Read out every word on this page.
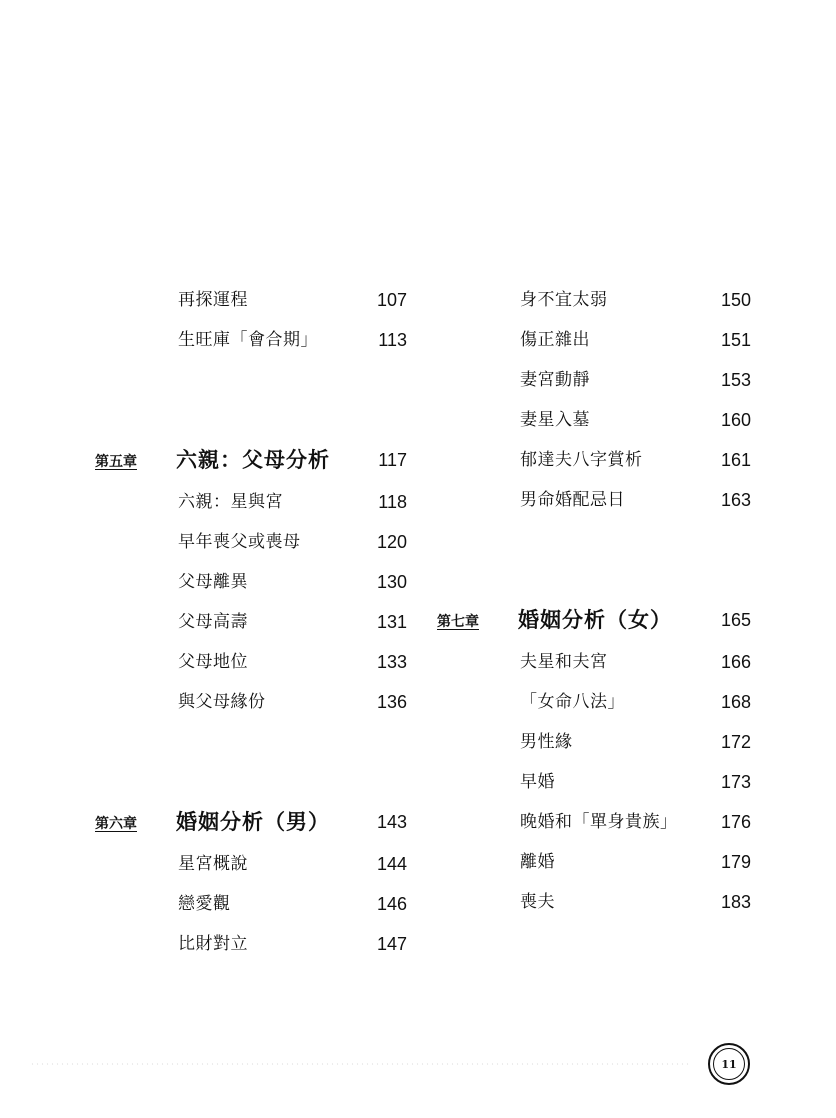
再探運程	107
生旺庫「會合期」	113
第五章 六親：父母分析	117
六親：星與宮	118
早年喪父或喪母	120
父母離異	130
父母高壽	131
父母地位	133
與父母緣份	136
第六章 婚姻分析（男）	143
星宮概說	144
戀愛觀	146
比財對立	147
身不宜太弱	150
傷正雜出	151
妻宮動靜	153
妻星入墓	160
郁達夫八字賞析	161
男命婚配忌日	163
第七章 婚姻分析（女）	165
夫星和夫宮	166
「女命八法」	168
男性緣	172
早婚	173
晚婚和「單身貴族」	176
離婚	179
喪夫	183
11
